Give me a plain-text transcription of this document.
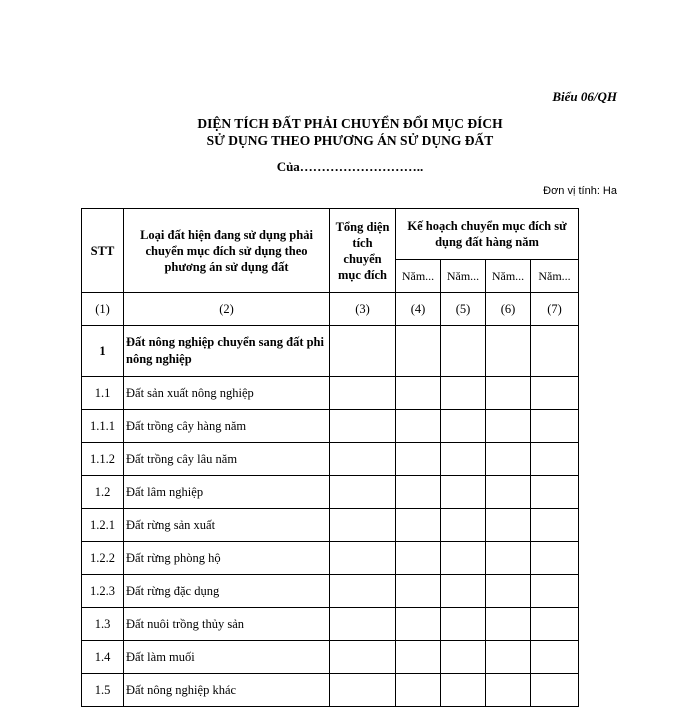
Biểu 06/QH
DIỆN TÍCH ĐẤT PHẢI CHUYỂN ĐỔI MỤC ĐÍCH
SỬ DỤNG THEO PHƯƠNG ÁN SỬ DỤNG ĐẤT
Của………………………..
Đơn vị tính: Ha
STT	Loại đất hiện đang sử dụng phải chuyển mục đích sử dụng theo phương án sử dụng đất	Tổng diện tích chuyển mục đích	Kế hoạch chuyển mục đích sử dụng đất hàng năm			
			Năm...	Năm...	Năm...	Năm...
(1)	(2)	(3)	(4)	(5)	(6)	(7)
1	Đất nông nghiệp chuyển sang đất phi nông nghiệp					
1.1	Đất sản xuất nông nghiệp					
1.1.1	Đất trồng cây hàng năm					
1.1.2	Đất trồng cây lâu năm					
1.2	Đất lâm nghiệp					
1.2.1	Đất rừng sản xuất					
1.2.2	Đất rừng phòng hộ					
1.2.3	Đất rừng đặc dụng					
1.3	Đất nuôi trồng thủy sản					
1.4	Đất làm muối					
1.5	Đất nông nghiệp khác					
